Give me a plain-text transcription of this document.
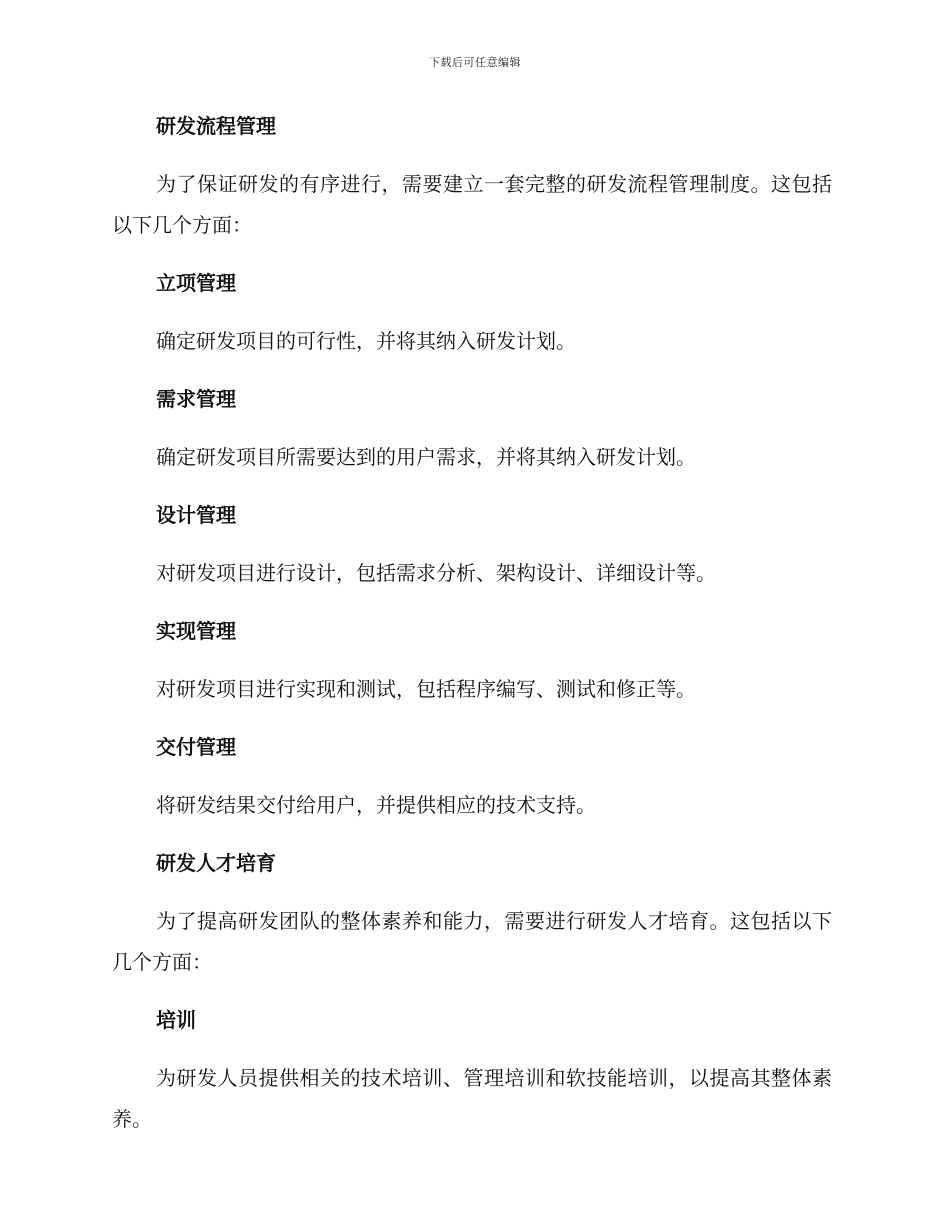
下载后可任意编辑
研发流程管理

为了保证研发的有序进行，需要建立一套完整的研发流程管理制度。这包括以下几个方面：

立项管理

确定研发项目的可行性，并将其纳入研发计划。

需求管理

确定研发项目所需要达到的用户需求，并将其纳入研发计划。

设计管理

对研发项目进行设计，包括需求分析、架构设计、详细设计等。

实现管理

对研发项目进行实现和测试，包括程序编写、测试和修正等。

交付管理

将研发结果交付给用户，并提供相应的技术支持。

研发人才培育

为了提高研发团队的整体素养和能力，需要进行研发人才培育。这包括以下几个方面：

培训

为研发人员提供相关的技术培训、管理培训和软技能培训，以提高其整体素养。
